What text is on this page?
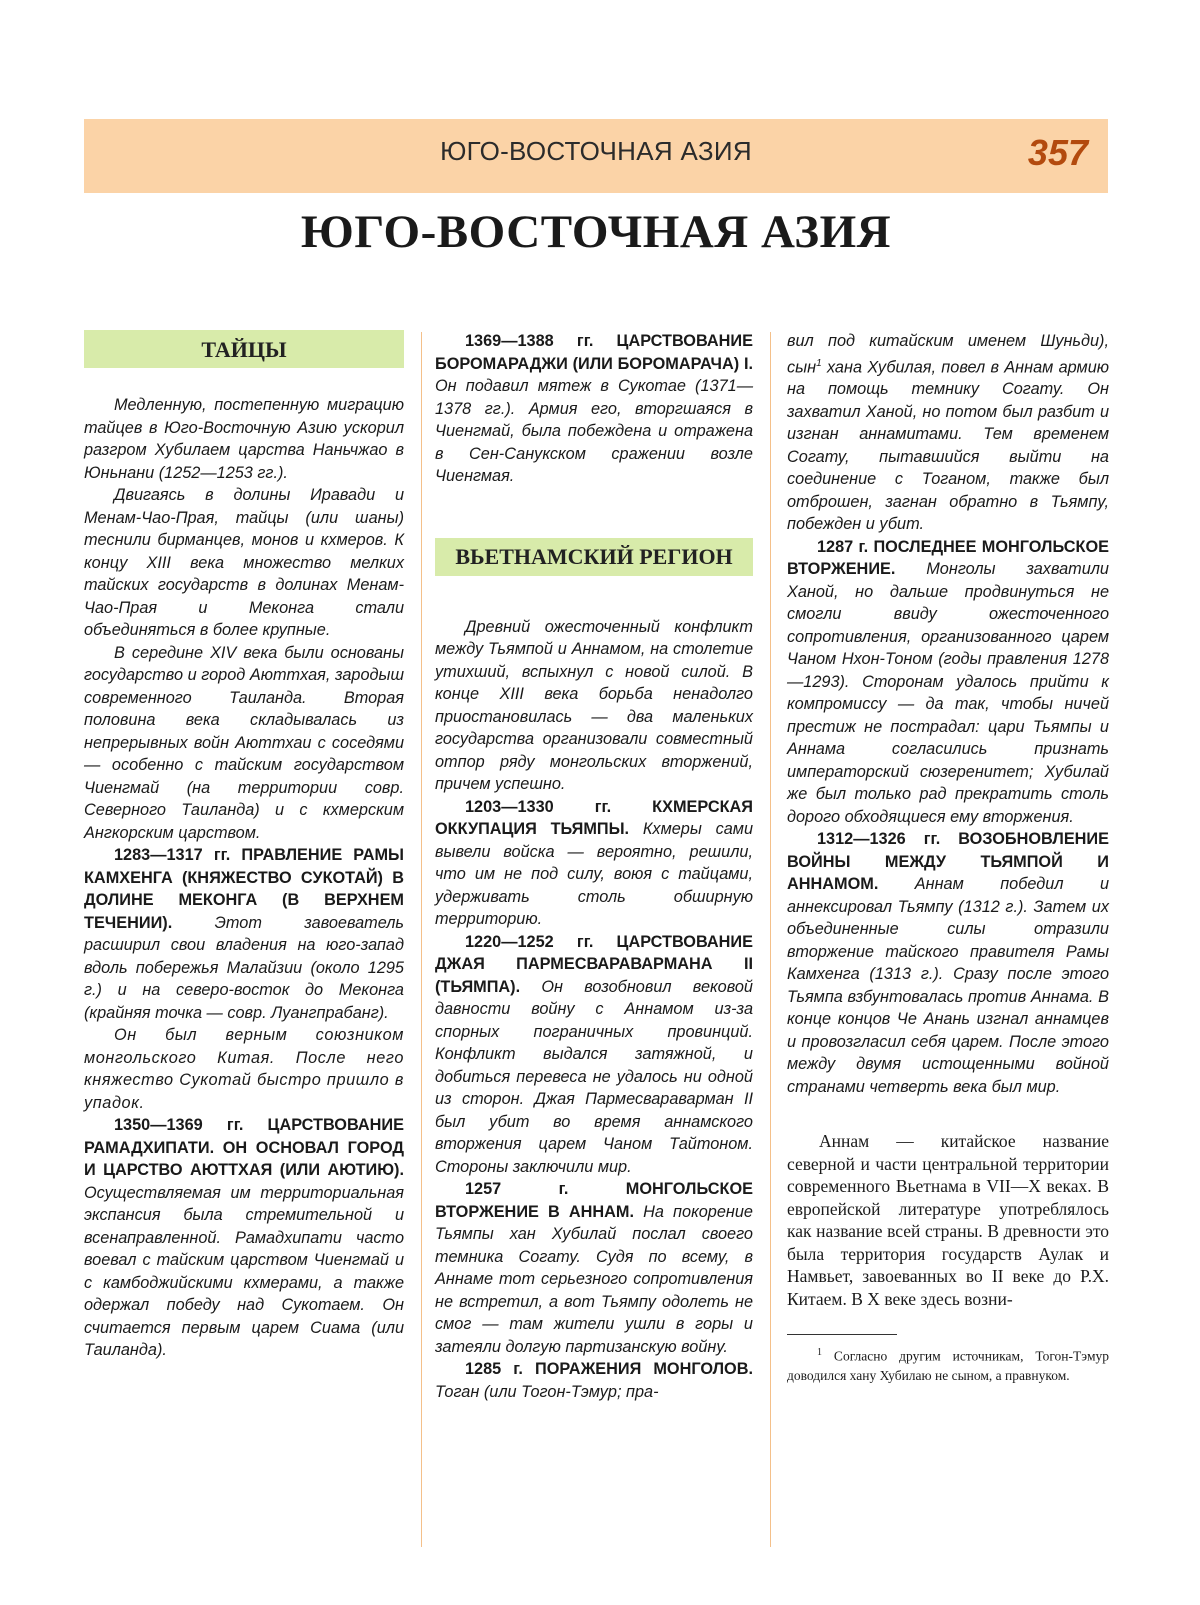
ЮГО-ВОСТОЧНАЯ АЗИЯ	357
ЮГО-ВОСТОЧНАЯ АЗИЯ
ТАЙЦЫ

Медленную, постепенную миграцию тайцев в Юго-Восточную Азию ускорил разгром Хубилаем царства Наньчжао в Юньнани (1252—1253 гг.).

Двигаясь в долины Иравади и Менам-Чао-Прая, тайцы (или шаны) теснили бирманцев, монов и кхмеров. К концу XIII века множество мелких тайских государств в долинах Менам-Чао-Прая и Меконга стали объединяться в более крупные.

В середине XIV века были основаны государство и город Аюттхая, зародыш современного Таиланда. Вторая половина века складывалась из непрерывных войн Аюттхаи с соседями — особенно с тайским государством Чиенгмай (на территории совр. Северного Таиланда) и с кхмерским Ангкорским царством.

1283—1317 гг. ПРАВЛЕНИЕ РАМЫ КАМХЕНГА (КНЯЖЕСТВО СУКОТАЙ) В ДОЛИНЕ МЕКОНГА (В ВЕРХНЕМ ТЕЧЕНИИ). Этот завоеватель расширил свои владения на юго-запад вдоль побережья Малайзии (около 1295 г.) и на северо-восток до Меконга (крайняя точка — совр. Луангпрабанг).

Он был верным союзником монгольского Китая. После него княжество Сукотай быстро пришло в упадок.

1350—1369 гг. ЦАРСТВОВАНИЕ РАМАДХИПАТИ. ОН ОСНОВАЛ ГОРОД И ЦАРСТВО АЮТТХАЯ (ИЛИ АЮТИЮ). Осуществляемая им территориальная экспансия была стремительной и всенаправленной. Рамадхипати часто воевал с тайским царством Чиенгмай и с камбоджийскими кхмерами, а также одержал победу над Сукотаем. Он считается первым царем Сиама (или Таиланда).

1369—1388 гг. ЦАРСТВОВАНИЕ БОРОМАРАДЖИ (ИЛИ БОРОМАРАЧА) I. Он подавил мятеж в Сукотае (1371—1378 гг.). Армия его, вторгшаяся в Чиенгмай, была побеждена и отражена в Сен-Санукском сражении возле Чиенгмая.

ВЬЕТНАМСКИЙ РЕГИОН

Древний ожесточенный конфликт между Тьямпой и Аннамом, на столетие утихший, вспыхнул с новой силой. В конце XIII века борьба ненадолго приостановилась — два маленьких государства организовали совместный отпор ряду монгольских вторжений, причем успешно.

1203—1330 гг. КХМЕРСКАЯ ОККУПАЦИЯ ТЬЯМПЫ. Кхмеры сами вывели войска — вероятно, решили, что им не под силу, воюя с тайцами, удерживать столь обширную территорию.

1220—1252 гг. ЦАРСТВОВАНИЕ ДЖАЯ ПАРМЕСВАРАВАРМАНА II (ТЬЯМПА). Он возобновил вековой давности войну с Аннамом из-за спорных пограничных провинций. Конфликт выдался затяжной, и добиться перевеса не удалось ни одной из сторон. Джая Пармесвараварман II был убит во время аннамского вторжения царем Чаном Тайтоном. Стороны заключили мир.

1257 г. МОНГОЛЬСКОЕ ВТОРЖЕНИЕ В АННАМ. На покорение Тьямпы хан Хубилай послал своего темника Согату. Судя по всему, в Аннаме тот серьезного сопротивления не встретил, а вот Тьямпу одолеть не смог — там жители ушли в горы и затеяли долгую партизанскую войну.

1285 г. ПОРАЖЕНИЯ МОНГОЛОВ. Тоган (или Тогон-Тэмур; пра-

вил под китайским именем Шуньди), сын$^1$ хана Хубилая, повел в Аннам армию на помощь темнику Согату. Он захватил Ханой, но потом был разбит и изгнан аннамитами. Тем временем Согату, пытавшийся выйти на соединение с Тоганом, также был отброшен, загнан обратно в Тьямпу, побежден и убит.

1287 г. ПОСЛЕДНЕЕ МОНГОЛЬСКОЕ ВТОРЖЕНИЕ. Монголы захватили Ханой, но дальше продвинуться не смогли ввиду ожесточенного сопротивления, организованного царем Чаном Нхон-Тоном (годы правления 1278—1293). Сторонам удалось прийти к компромиссу — да так, чтобы ничей престиж не пострадал: цари Тьямпы и Аннама согласились признать императорский сюзеренитет; Хубилай же был только рад прекратить столь дорого обходящиеся ему вторжения.

1312—1326 гг. ВОЗОБНОВЛЕНИЕ ВОЙНЫ МЕЖДУ ТЬЯМПОЙ И АННАМОМ. Аннам победил и аннексировал Тьямпу (1312 г.). Затем их объединенные силы отразили вторжение тайского правителя Рамы Камхенга (1313 г.). Сразу после этого Тьямпа взбунтовалась против Аннама. В конце концов Че Анань изгнал аннамцев и провозгласил себя царем. После этого между двумя истощенными войной странами четверть века был мир.

Аннам — китайское название северной и части центральной территории современного Вьетнама в VII—X веках. В европейской литературе употреблялось как название всей страны. В древности это была территория государств Аулак и Намвьет, завоеванных во II веке до Р.Х. Китаем. В X веке здесь возни-
$^1$ Согласно другим источникам, Тогон-Тэмур доводился хану Хубилаю не сыном, а правнуком.
